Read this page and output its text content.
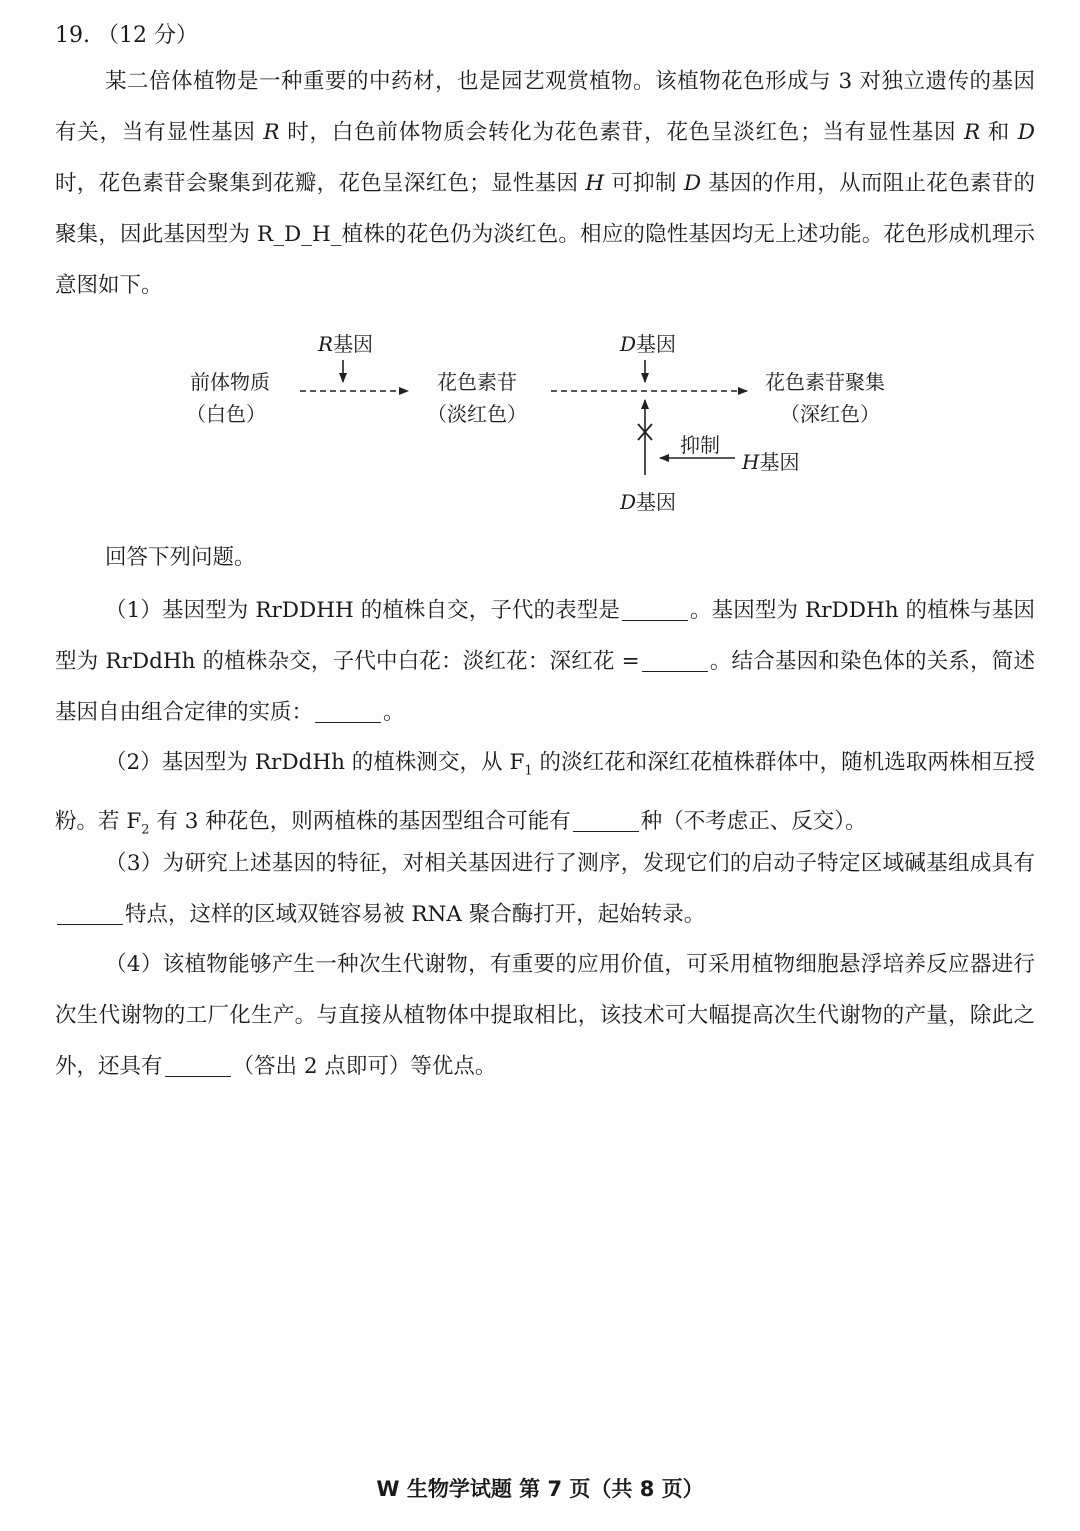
19. （12 分）

某二倍体植物是一种重要的中药材，也是园艺观赏植物。该植物花色形成与 3 对独立遗传的基因有关，当有显性基因 R 时，白色前体物质会转化为花色素苷，花色呈淡红色；当有显性基因 R 和 D 时，花色素苷会聚集到花瓣，花色呈深红色；显性基因 H 可抑制 D 基因的作用，从而阻止花色素苷的聚集，因此基因型为 R_D_H_植株的花色仍为淡红色。相应的隐性基因均无上述功能。花色形成机理示意图如下。

R基因	D基因
前体物质
（白色）
花色素苷
（淡红色）
花色素苷聚集
（深红色）
抑制
H基因
D基因

回答下列问题。

（1）基因型为 RrDDHH 的植株自交，子代的表型是	。基因型为 RrDDHh 的植株与基因型为 RrDdHh 的植株杂交，子代中白花：淡红花：深红花 =	。结合基因和染色体的关系，简述基因自由组合定律的实质：	。

（2）基因型为 RrDdHh 的植株测交，从 $F_1$ 的淡红花和深红花植株群体中，随机选取两株相互授粉。若 $F_2$ 有 3 种花色，则两植株的基因型组合可能有	种（不考虑正、反交）。

（3）为研究上述基因的特征，对相关基因进行了测序，发现它们的启动子特定区域碱基组成具有特点，这样的区域双链容易被 RNA 聚合酶打开，起始转录。

（4）该植物能够产生一种次生代谢物，有重要的应用价值，可采用植物细胞悬浮培养反应器进行次生代谢物的工厂化生产。与直接从植物体中提取相比，该技术可大幅提高次生代谢物的产量，除此之外，还具有	（答出 2 点即可）等优点。

W 生物学试题 第 7 页（共 8 页）
